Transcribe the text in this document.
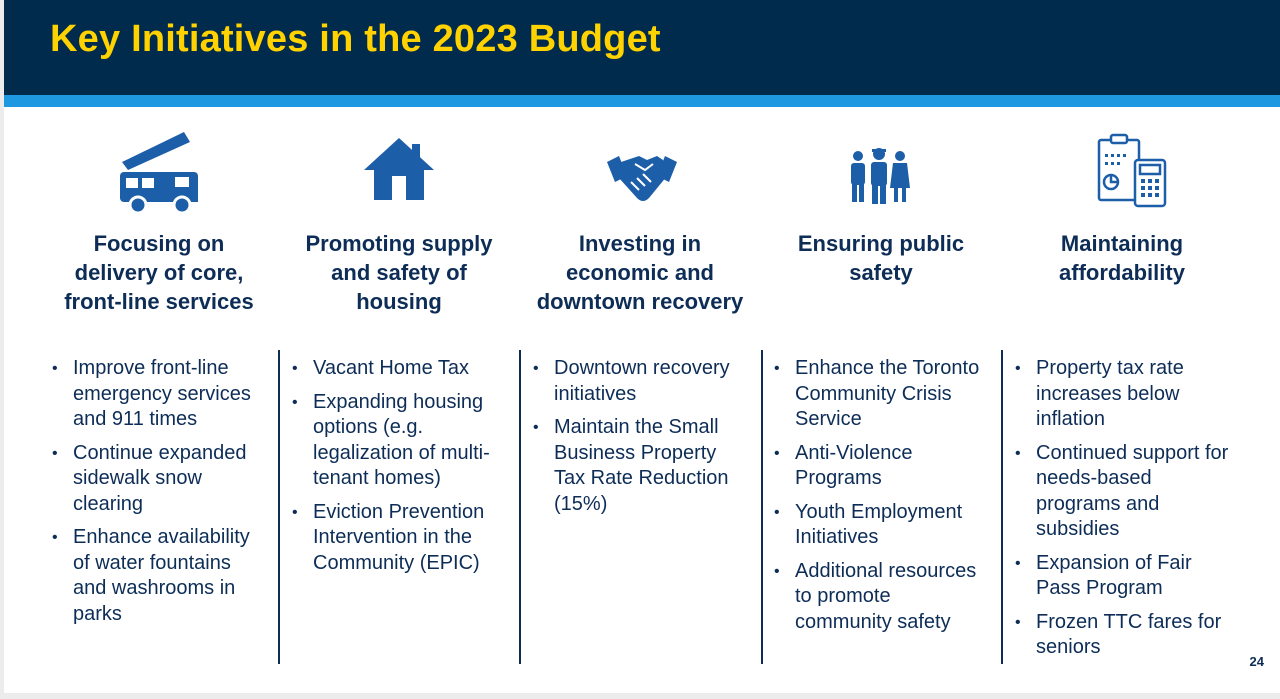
Key Initiatives in the 2023 Budget
Focusing on delivery of core, front-line services
• Improve front-line emergency services and 911 times
• Continue expanded sidewalk snow clearing
• Enhance availability of water fountains and washrooms in parks
Promoting supply and safety of housing
• Vacant Home Tax
• Expanding housing options (e.g. legalization of multi-tenant homes)
• Eviction Prevention Intervention in the Community (EPIC)
Investing in economic and downtown recovery
• Downtown recovery initiatives
• Maintain the Small Business Property Tax Rate Reduction (15%)
Ensuring public safety
• Enhance the Toronto Community Crisis Service
• Anti-Violence Programs
• Youth Employment Initiatives
• Additional resources to promote community safety
Maintaining affordability
• Property tax rate increases below inflation
• Continued support for needs-based programs and subsidies
• Expansion of Fair Pass Program
• Frozen TTC fares for seniors
24
